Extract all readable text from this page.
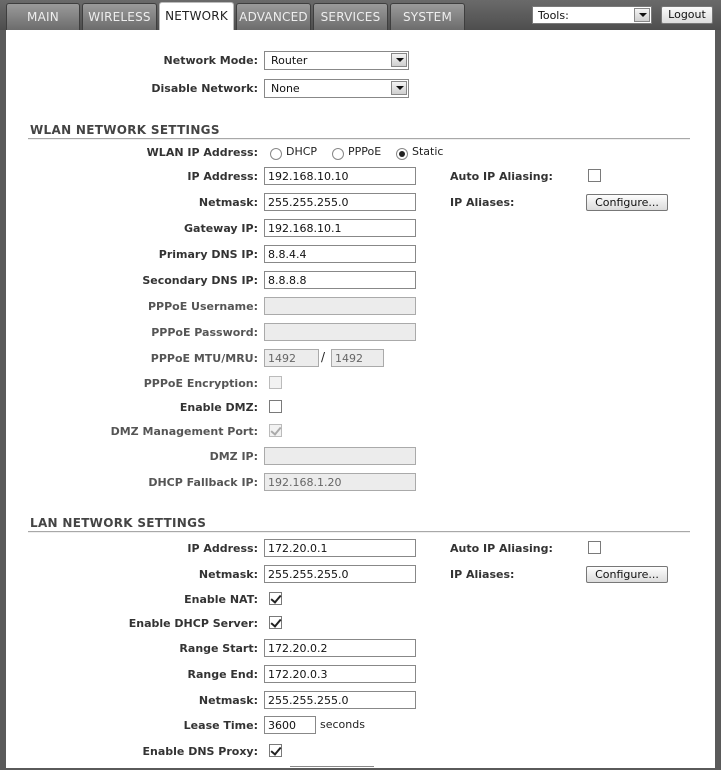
MAIN	WIRELESS	NETWORK ADVANCED	SERVICES	SYSTEM	Tools:	Logout
Network Mode: Router
Disable Network: None
WLAN NETWORK SETTINGS
WLAN IP Address:	DHCP	PPPoE	Static
IP Address: 192.168.10.10	Auto IP Aliasing:
Netmask: 255.255.255.0	IP Aliases:	Configure...
Gateway IP: 192.168.10.1
Primary DNS IP: 8.8.4.4
Secondary DNS IP: 8.8.8.8
PPPoE Username:
PPPoE Password:
PPPoE MTU/MRU: 1492	/ 1492
PPPoE Encryption:
Enable DMZ:
DMZ Management Port:
DMZ IP:
DHCP Fallback IP: 192.168.1.20
LAN NETWORK SETTINGS
IP Address: 172.20.0.1	Auto IP Aliasing:
Netmask: 255.255.255.0	IP Aliases:	Configure...
Enable NAT:
Enable DHCP Server:
Range Start: 172.20.0.2
Range End: 172.20.0.3
Netmask: 255.255.255.0
Lease Time: 3600	seconds
Enable DNS Proxy:
